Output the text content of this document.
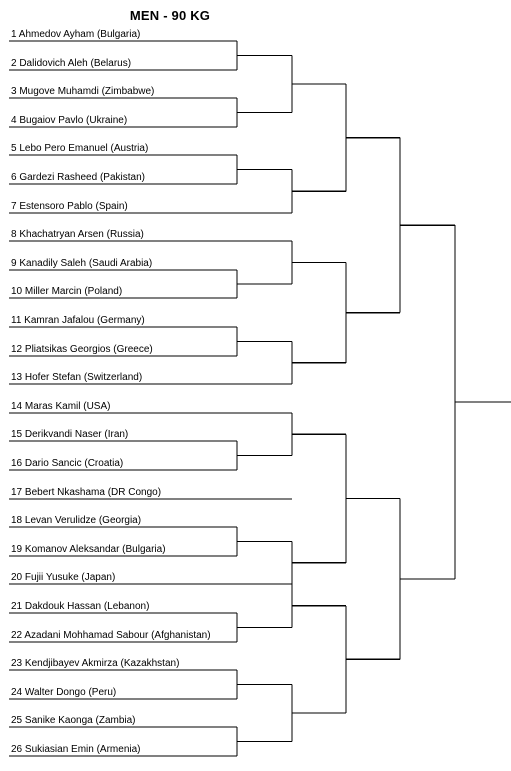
MEN - 90 KG
1 Ahmedov Ayham (Bulgaria)
2 Dalidovich Aleh (Belarus)
3 Mugove Muhamdi (Zimbabwe)
4 Bugaiov Pavlo (Ukraine)
5 Lebo Pero Emanuel (Austria)
6 Gardezi Rasheed (Pakistan)
7 Estensoro Pablo (Spain)
8 Khachatryan Arsen (Russia)
9 Kanadily Saleh (Saudi Arabia)
10 Miller Marcin (Poland)
11 Kamran Jafalou (Germany)
12 Pliatsikas Georgios (Greece)
13 Hofer Stefan (Switzerland)
14 Maras Kamil (USA)
15 Derikvandi Naser (Iran)
16 Dario Sancic (Croatia)
17 Bebert Nkashama (DR Congo)
18 Levan Verulidze (Georgia)
19 Komanov Aleksandar (Bulgaria)
20 Fujii Yusuke (Japan)
21 Dakdouk Hassan (Lebanon)
22 Azadani Mohhamad Sabour (Afghanistan)
23 Kendjibayev Akmirza (Kazakhstan)
24 Walter Dongo (Peru)
25 Sanike Kaonga (Zambia)
26 Sukiasian Emin (Armenia)
